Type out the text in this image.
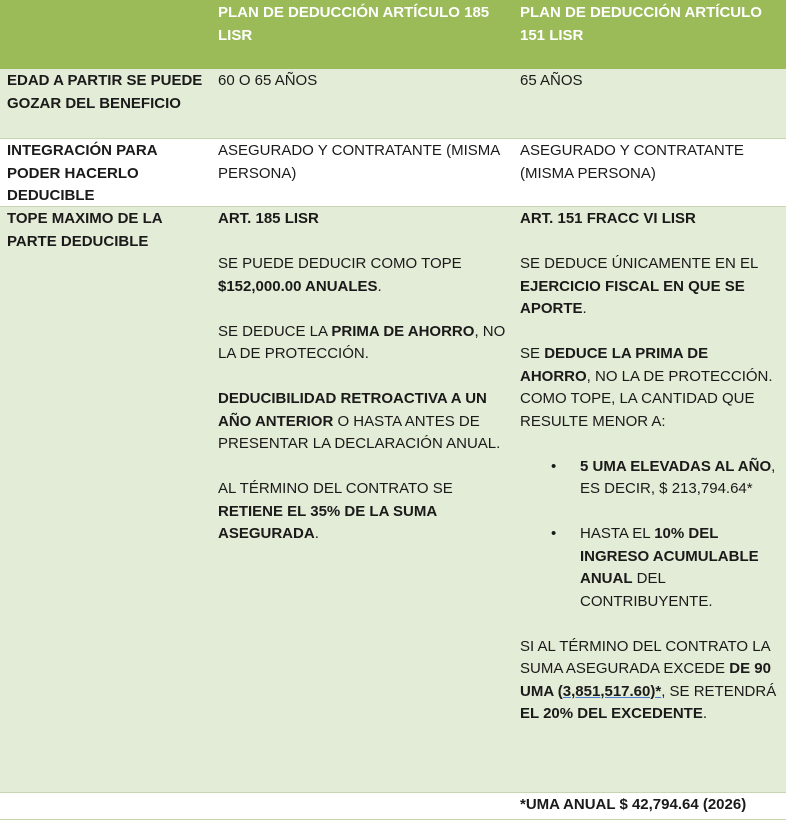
PLAN DE DEDUCCIÓN ARTÍCULO 185 LISR
PLAN DE DEDUCCIÓN ARTÍCULO 151 LISR
EDAD A PARTIR SE PUEDE GOZAR DEL BENEFICIO
60 O 65 AÑOS	65 AÑOS
INTEGRACIÓN PARA PODER HACERLO DEDUCIBLE
ASEGURADO Y CONTRATANTE (MISMA PERSONA)
ASEGURADO Y CONTRATANTE (MISMA PERSONA)
TOPE MAXIMO DE LA PARTE DEDUCIBLE

ART. 185 LISR

SE PUEDE DEDUCIR COMO TOPE $152,000.00 ANUALES.

SE DEDUCE LA PRIMA DE AHORRO, NO LA DE PROTECCIÓN.

DEDUCIBILIDAD RETROACTIVA A UN AÑO ANTERIOR O HASTA ANTES DE PRESENTAR LA DECLARACIÓN ANUAL.

AL TÉRMINO DEL CONTRATO SE RETIENE EL 35% DE LA SUMA ASEGURADA.

ART. 151 FRACC VI LISR

SE DEDUCE ÚNICAMENTE EN EL EJERCICIO FISCAL EN QUE SE APORTE.

SE DEDUCE LA PRIMA DE AHORRO, NO LA DE PROTECCIÓN. COMO TOPE, LA CANTIDAD QUE RESULTE MENOR A:

• 5 UMA ELEVADAS AL AÑO, ES DECIR, $ 213,794.64*
• HASTA EL 10% DEL INGRESO ACUMULABLE ANUAL DEL CONTRIBUYENTE.

SI AL TÉRMINO DEL CONTRATO LA SUMA ASEGURADA EXCEDE DE 90 UMA (3,851,517.60)*, SE RETENDRÁ EL 20% DEL EXCEDENTE.

*UMA ANUAL $ 42,794.64 (2026)
